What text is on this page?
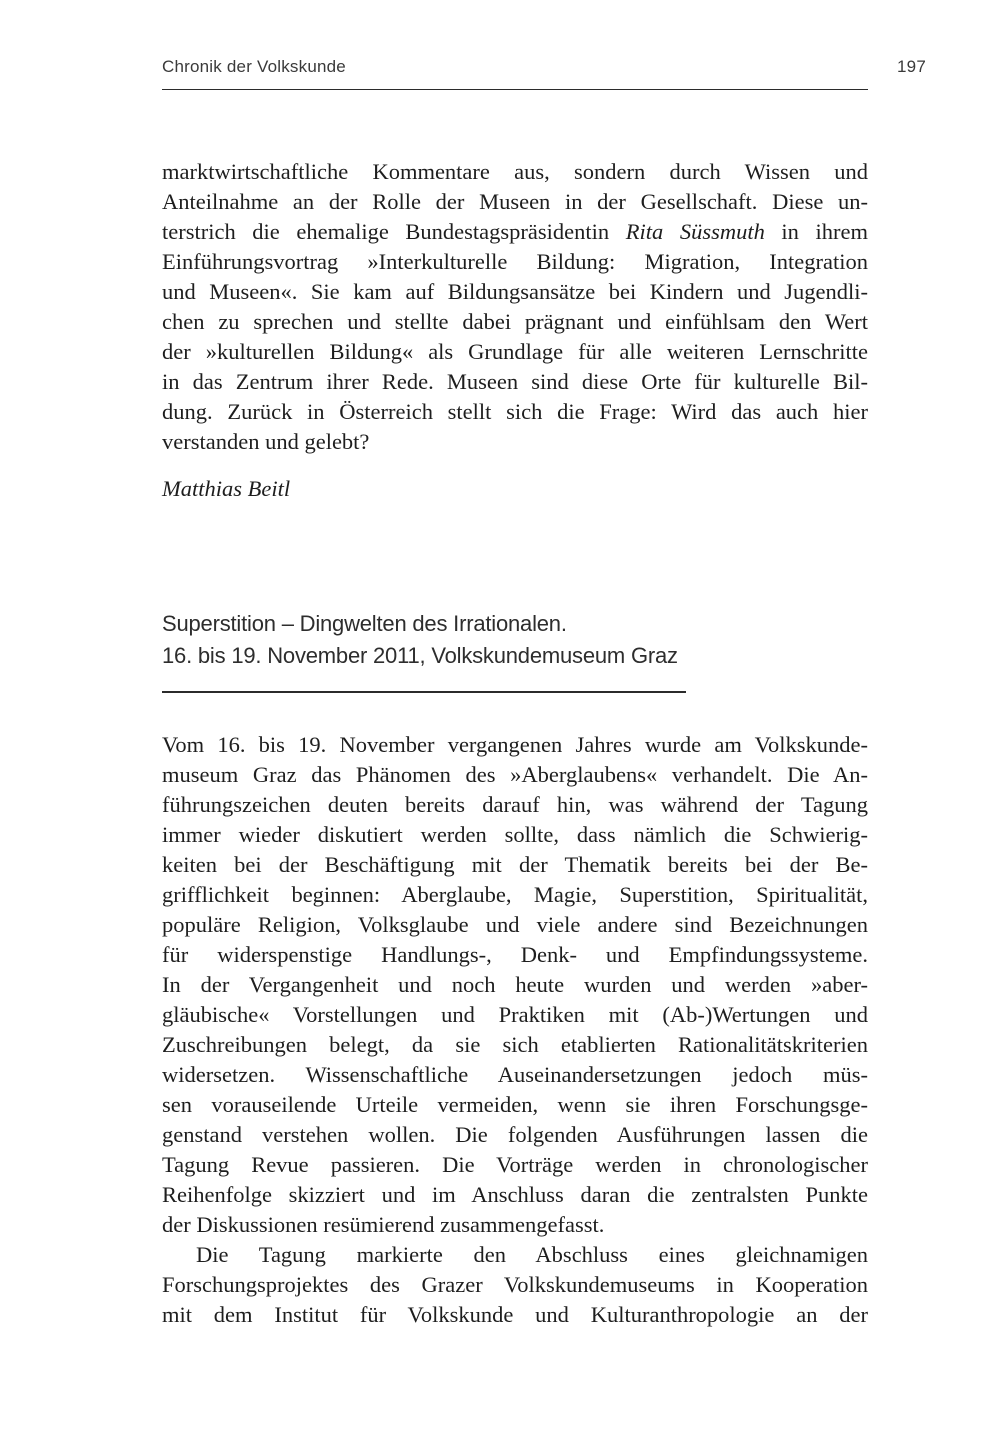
Chronik der Volkskunde	197
marktwirtschaftliche Kommentare aus, sondern durch Wissen und
Anteilnahme an der Rolle der Museen in der Gesellschaft. Diese un-
terstrich die ehemalige Bundestagspräsidentin Rita Süssmuth in ihrem
Einführungsvortrag »Interkulturelle Bildung: Migration, Integration
und Museen«. Sie kam auf Bildungsansätze bei Kindern und Jugendli-
chen zu sprechen und stellte dabei prägnant und einfühlsam den Wert
der »kulturellen Bildung« als Grundlage für alle weiteren Lernschritte
in das Zentrum ihrer Rede. Museen sind diese Orte für kulturelle Bil-
dung. Zurück in Österreich stellt sich die Frage: Wird das auch hier
verstanden und gelebt?
Matthias Beitl
Superstition – Dingwelten des Irrationalen.
16. bis 19. November 2011, Volkskundemuseum Graz
Vom 16. bis 19. November vergangenen Jahres wurde am Volkskunde-
museum Graz das Phänomen des »Aberglaubens« verhandelt. Die An-
führungszeichen deuten bereits darauf hin, was während der Tagung
immer wieder diskutiert werden sollte, dass nämlich die Schwierig-
keiten bei der Beschäftigung mit der Thematik bereits bei der Be-
grifflichkeit beginnen: Aberglaube, Magie, Superstition, Spiritualität,
populäre Religion, Volksglaube und viele andere sind Bezeichnungen
für widerspenstige Handlungs-, Denk- und Empfindungssysteme.
In der Vergangenheit und noch heute wurden und werden »aber-
gläubische« Vorstellungen und Praktiken mit (Ab-)Wertungen und
Zuschreibungen belegt, da sie sich etablierten Rationalitätskriterien
widersetzen. Wissenschaftliche Auseinandersetzungen jedoch müs-
sen vorauseilende Urteile vermeiden, wenn sie ihren Forschungsge-
genstand verstehen wollen. Die folgenden Ausführungen lassen die
Tagung Revue passieren. Die Vorträge werden in chronologischer
Reihenfolge skizziert und im Anschluss daran die zentralsten Punkte
der Diskussionen resümierend zusammengefasst.
Die Tagung markierte den Abschluss eines gleichnamigen
Forschungsprojektes des Grazer Volkskundemuseums in Kooperation
mit dem Institut für Volkskunde und Kulturanthropologie an der
